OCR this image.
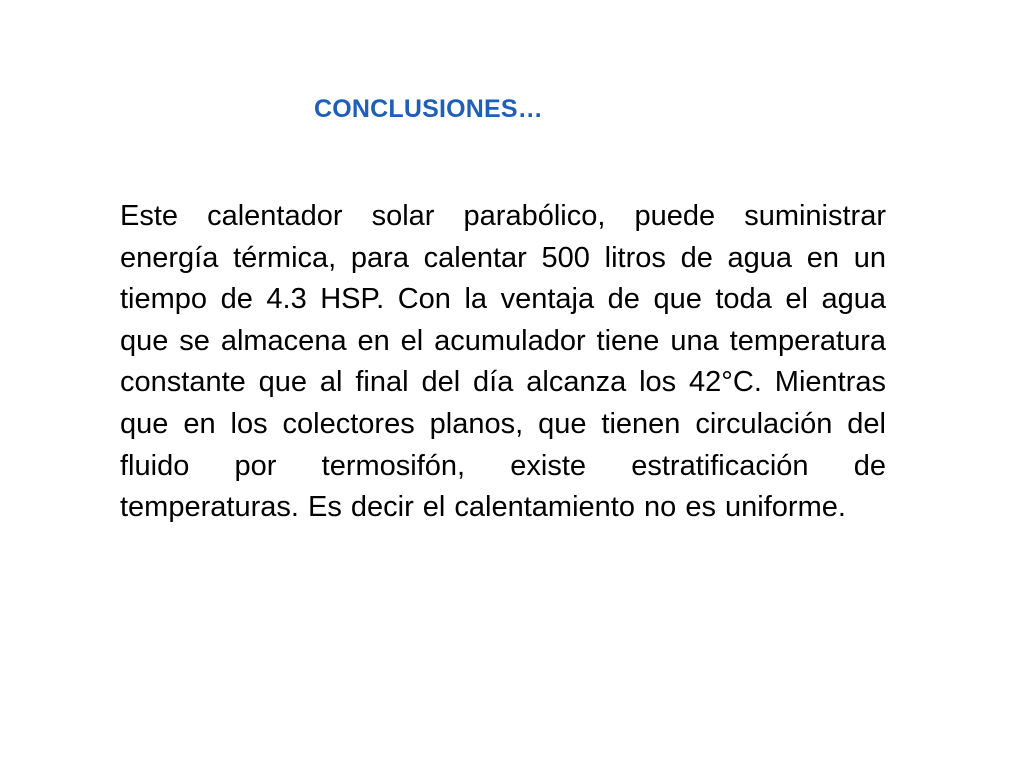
CONCLUSIONES…

Este calentador solar parabólico, puede suministrar energía térmica, para calentar 500 litros de agua en un tiempo de 4.3 HSP. Con la ventaja de que toda el agua que se almacena en el acumulador tiene una temperatura constante que al final del día alcanza los 42°C. Mientras que en los colectores planos, que tienen circulación del fluido por termosifón, existe estratificación de temperaturas. Es decir el calentamiento no es uniforme.
